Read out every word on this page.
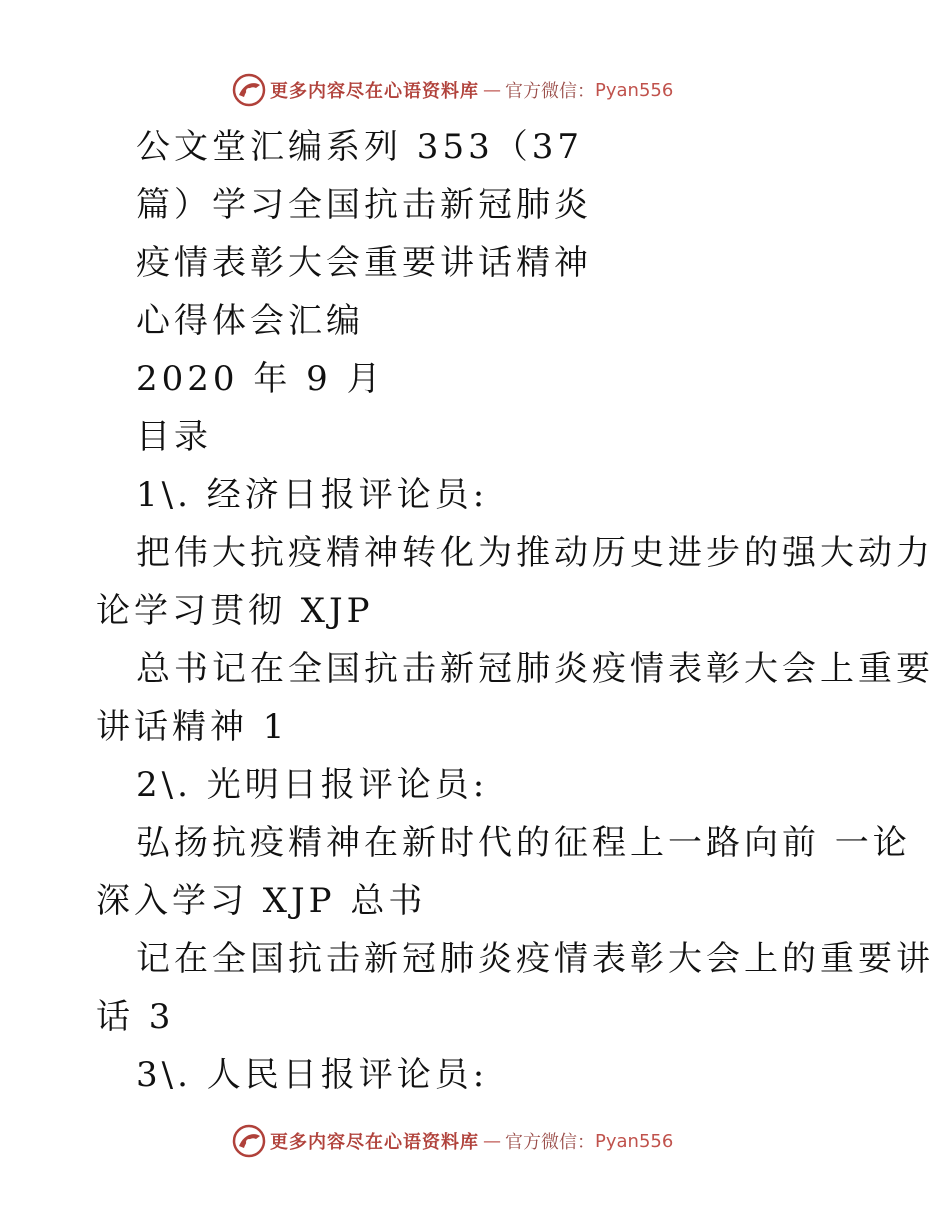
更多内容尽在心语资料库 — 官方微信： Pyan556

公文堂汇编系列 353（37

篇）学习全国抗击新冠肺炎

疫情表彰大会重要讲话精神

心得体会汇编

2020 年 9 月

目录

1\. 经济日报评论员:

把伟大抗疫精神转化为推动历史进步的强大动力

论学习贯彻 XJP

总书记在全国抗击新冠肺炎疫情表彰大会上重要

讲话精神 1

2\. 光明日报评论员:

弘扬抗疫精神在新时代的征程上一路向前 一论

深入学习 XJP 总书

记在全国抗击新冠肺炎疫情表彰大会上的重要讲

话 3

3\. 人民日报评论员:

更多内容尽在心语资料库 — 官方微信： Pyan556
